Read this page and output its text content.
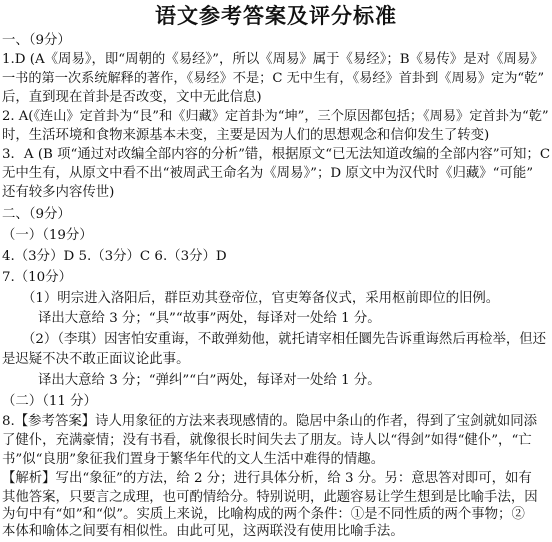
语文参考答案及评分标准
一、（9分）
1.D (A《周易》，即“周朝的《易经》”，所以《周易》属于《易经》；B《易传》是对《周易》
一书的第一次系统解释的著作，《易经》不是；C 无中生有，《易经》首卦到《周易》定为“乾”
后，直到现在首卦是否改变，文中无此信息)
2. A(《连山》定首卦为“艮”和《归藏》定首卦为“坤”，三个原因都包括；《周易》定首卦为“乾”
时，生活环境和食物来源基本未变，主要是因为人们的思想观念和信仰发生了转变)
3．A (B 项“通过对改编全部内容的分析”错，根据原文“已无法知道改编的全部内容”可知；C
无中生有，从原文中看不出“被周武王命名为《周易》”；D 原文中为汉代时《归藏》“可能”
还有较多内容传世)
二、（9分）
（一）（19分）
4.（3分）D 5.（3分）C 6.（3分）D
7.（10分）
（1）明宗进入洛阳后，群臣劝其登帝位，官吏筹备仪式，采用枢前即位的旧例。
译出大意给 3 分；“具”“故事”两处，每译对一处给 1 分。
（2）（李琪）因害怕安重诲，不敢弹劾他，就托请宰相任圜先告诉重诲然后再检举，但还
是迟疑不决不敢正面议论此事。
译出大意给 3 分；“弹纠”“白”两处，每译对一处给 1 分。
（二）（11 分）
8.【参考答案】诗人用象征的方法来表现感情的。隐居中条山的作者，得到了宝剑就如同添
了健仆，充满豪情；没有书看，就像很长时间失去了朋友。诗人以“得剑”如得“健仆”，“亡
书”似“良朋”象征我们置身于繁华年代的文人生活中难得的情趣。
【解析】写出“象征”的方法，给 2 分；进行具体分析，给 3 分。另：意思答对即可，如有
其他答案，只要言之成理，也可酌情给分。特别说明，此题容易让学生想到是比喻手法，因
为句中有“如”和“似”。实质上来说，比喻构成的两个条件：①是不同性质的两个事物；②
本体和喻体之间要有相似性。由此可见，这两联没有使用比喻手法。
